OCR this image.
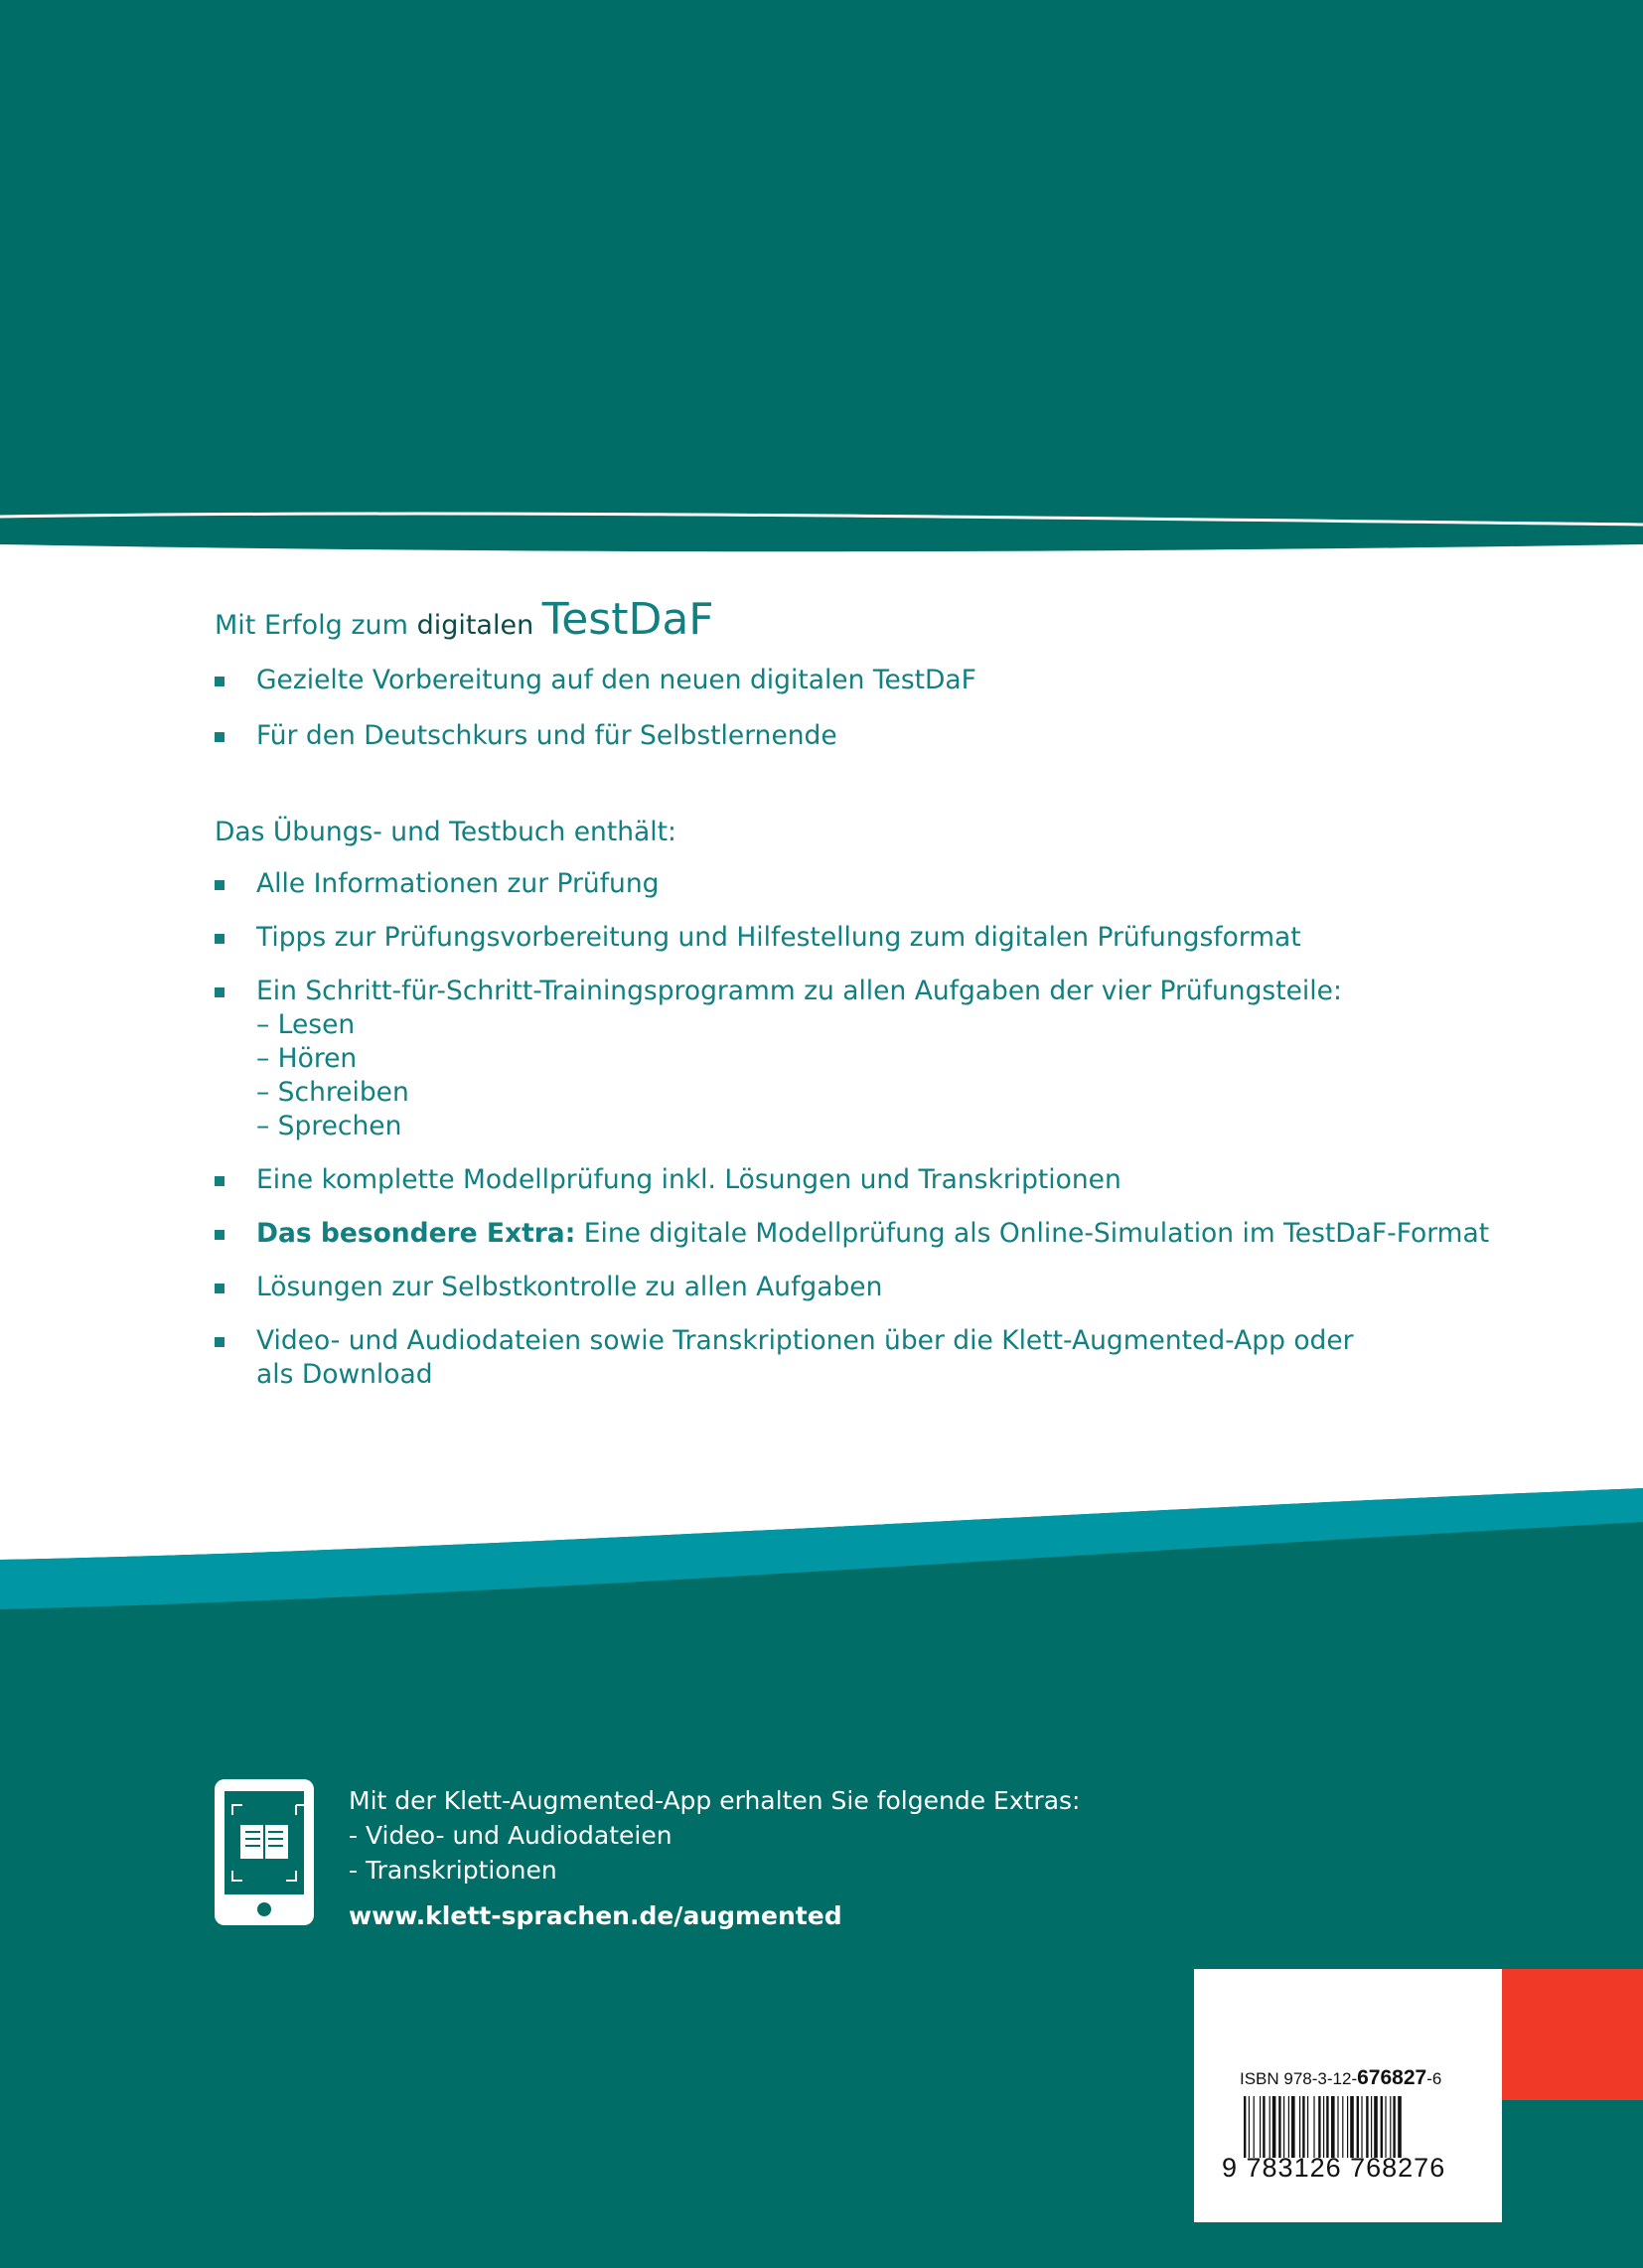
Mit Erfolg zum digitalen TestDaF
Gezielte Vorbereitung auf den neuen digitalen TestDaF
Für den Deutschkurs und für Selbstlernende
Das Übungs- und Testbuch enthält:
Alle Informationen zur Prüfung
Tipps zur Prüfungsvorbereitung und Hilfestellung zum digitalen Prüfungsformat
Ein Schritt-für-Schritt-Trainingsprogramm zu allen Aufgaben der vier Prüfungsteile:
– Lesen
– Hören
– Schreiben
– Sprechen
Eine komplette Modellprüfung inkl. Lösungen und Transkriptionen
Das besondere Extra: Eine digitale Modellprüfung als Online-Simulation im TestDaF-Format
Lösungen zur Selbstkontrolle zu allen Aufgaben
Video- und Audiodateien sowie Transkriptionen über die Klett-Augmented-App oder
als Download
Mit der Klett-Augmented-App erhalten Sie folgende Extras:
- Video- und Audiodateien
- Transkriptionen
www.klett-sprachen.de/augmented
ISBN 978-3-12-676827-6
9 783126 768276
